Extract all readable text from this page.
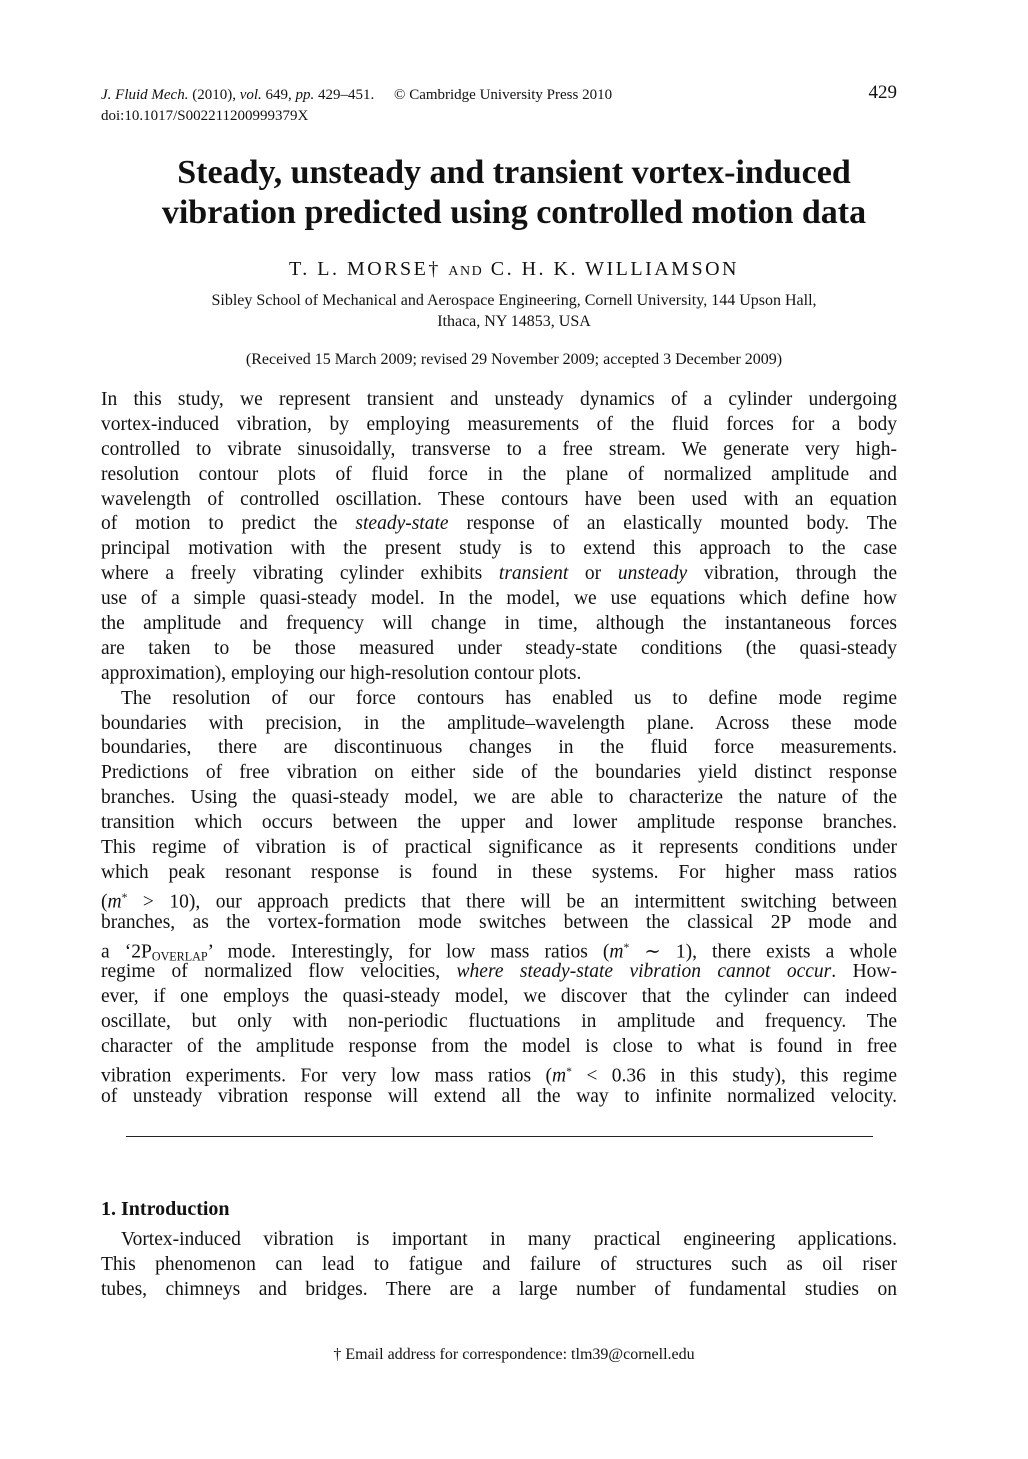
J. Fluid Mech. (2010), vol. 649, pp. 429–451. © Cambridge University Press 2010
doi:10.1017/S002211200999379X
429
Steady, unsteady and transient vortex-induced
vibration predicted using controlled motion data
T. L. MORSE† AND C. H. K. WILLIAMSON
Sibley School of Mechanical and Aerospace Engineering, Cornell University, 144 Upson Hall,
Ithaca, NY 14853, USA
(Received 15 March 2009; revised 29 November 2009; accepted 3 December 2009)
In this study, we represent transient and unsteady dynamics of a cylinder undergoing
vortex-induced vibration, by employing measurements of the fluid forces for a body
controlled to vibrate sinusoidally, transverse to a free stream. We generate very high-
resolution contour plots of fluid force in the plane of normalized amplitude and
wavelength of controlled oscillation. These contours have been used with an equation
of motion to predict the steady-state response of an elastically mounted body. The
principal motivation with the present study is to extend this approach to the case
where a freely vibrating cylinder exhibits transient or unsteady vibration, through the
use of a simple quasi-steady model. In the model, we use equations which define how
the amplitude and frequency will change in time, although the instantaneous forces
are taken to be those measured under steady-state conditions (the quasi-steady
approximation), employing our high-resolution contour plots.
The resolution of our force contours has enabled us to define mode regime
boundaries with precision, in the amplitude–wavelength plane. Across these mode
boundaries, there are discontinuous changes in the fluid force measurements.
Predictions of free vibration on either side of the boundaries yield distinct response
branches. Using the quasi-steady model, we are able to characterize the nature of the
transition which occurs between the upper and lower amplitude response branches.
This regime of vibration is of practical significance as it represents conditions under
which peak resonant response is found in these systems. For higher mass ratios
(m* > 10), our approach predicts that there will be an intermittent switching between
branches, as the vortex-formation mode switches between the classical 2P mode and
a ‘$2P_{OVERLAP}$’ mode. Interestingly, for low mass ratios (m* ∼ 1), there exists a whole
regime of normalized flow velocities, where steady-state vibration cannot occur. How-
ever, if one employs the quasi-steady model, we discover that the cylinder can indeed
oscillate, but only with non-periodic fluctuations in amplitude and frequency. The
character of the amplitude response from the model is close to what is found in free
vibration experiments. For very low mass ratios (m* < 0.36 in this study), this regime
of unsteady vibration response will extend all the way to infinite normalized velocity.
1. Introduction
Vortex-induced vibration is important in many practical engineering applications.
This phenomenon can lead to fatigue and failure of structures such as oil riser
tubes, chimneys and bridges. There are a large number of fundamental studies on
† Email address for correspondence: tlm39@cornell.edu
